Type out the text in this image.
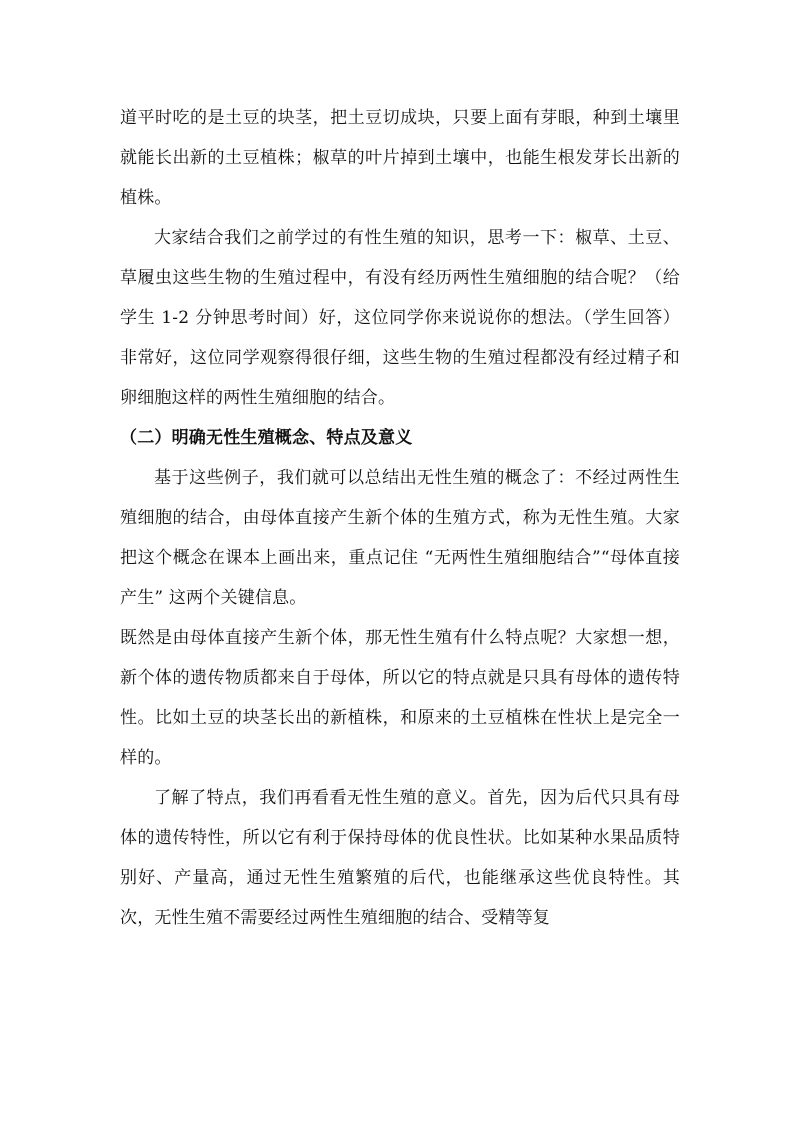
道平时吃的是土豆的块茎，把土豆切成块，只要上面有芽眼，种到土壤里就能长出新的土豆植株；椒草的叶片掉到土壤中，也能生根发芽长出新的植株。

大家结合我们之前学过的有性生殖的知识，思考一下：椒草、土豆、草履虫这些生物的生殖过程中，有没有经历两性生殖细胞的结合呢？（给学生 1-2 分钟思考时间）好，这位同学你来说说你的想法。（学生回答）非常好，这位同学观察得很仔细，这些生物的生殖过程都没有经过精子和卵细胞这样的两性生殖细胞的结合。

（二）明确无性生殖概念、特点及意义

基于这些例子，我们就可以总结出无性生殖的概念了：不经过两性生殖细胞的结合，由母体直接产生新个体的生殖方式，称为无性生殖。大家把这个概念在课本上画出来，重点记住 “无两性生殖细胞结合”“母体直接产生” 这两个关键信息。

既然是由母体直接产生新个体，那无性生殖有什么特点呢？大家想一想，新个体的遗传物质都来自于母体，所以它的特点就是只具有母体的遗传特性。比如土豆的块茎长出的新植株，和原来的土豆植株在性状上是完全一样的。

了解了特点，我们再看看无性生殖的意义。首先，因为后代只具有母体的遗传特性，所以它有利于保持母体的优良性状。比如某种水果品质特别好、产量高，通过无性生殖繁殖的后代，也能继承这些优良特性。其次，无性生殖不需要经过两性生殖细胞的结合、受精等复
